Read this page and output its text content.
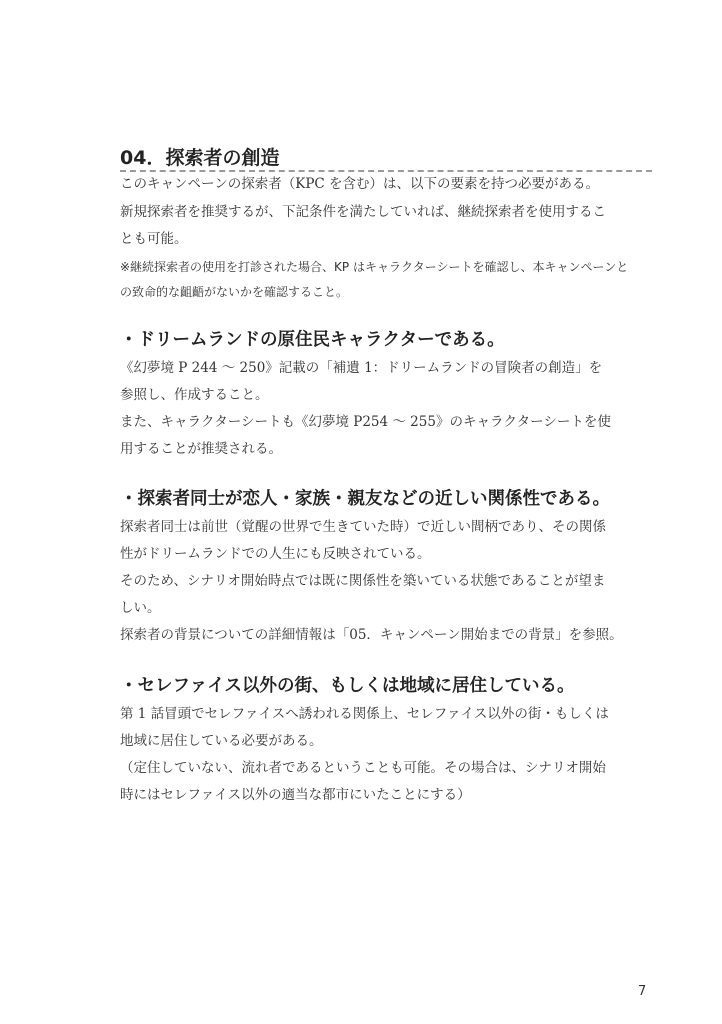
04．探索者の創造
このキャンペーンの探索者（KPC を含む）は、以下の要素を持つ必要がある。
新規探索者を推奨するが、下記条件を満たしていれば、継続探索者を使用するこ
とも可能。
※継続探索者の使用を打診された場合、KP はキャラクターシートを確認し、本キャンペーンと
の致命的な齟齬がないかを確認すること。
・ドリームランドの原住民キャラクターである。
《幻夢境 P 244 ～ 250》記載の「補遺 1：ドリームランドの冒険者の創造」を
参照し、作成すること。
また、キャラクターシートも《幻夢境 P254 ～ 255》のキャラクターシートを使
用することが推奨される。
・探索者同士が恋人・家族・親友などの近しい関係性である。
探索者同士は前世（覚醒の世界で生きていた時）で近しい間柄であり、その関係
性がドリームランドでの人生にも反映されている。
そのため、シナリオ開始時点では既に関係性を築いている状態であることが望ま
しい。
探索者の背景についての詳細情報は「05．キャンペーン開始までの背景」を参照。
・セレファイス以外の街、もしくは地域に居住している。
第 1 話冒頭でセレファイスへ誘われる関係上、セレファイス以外の街・もしくは
地域に居住している必要がある。
（定住していない、流れ者であるということも可能。その場合は、シナリオ開始
時にはセレファイス以外の適当な都市にいたことにする）
7
